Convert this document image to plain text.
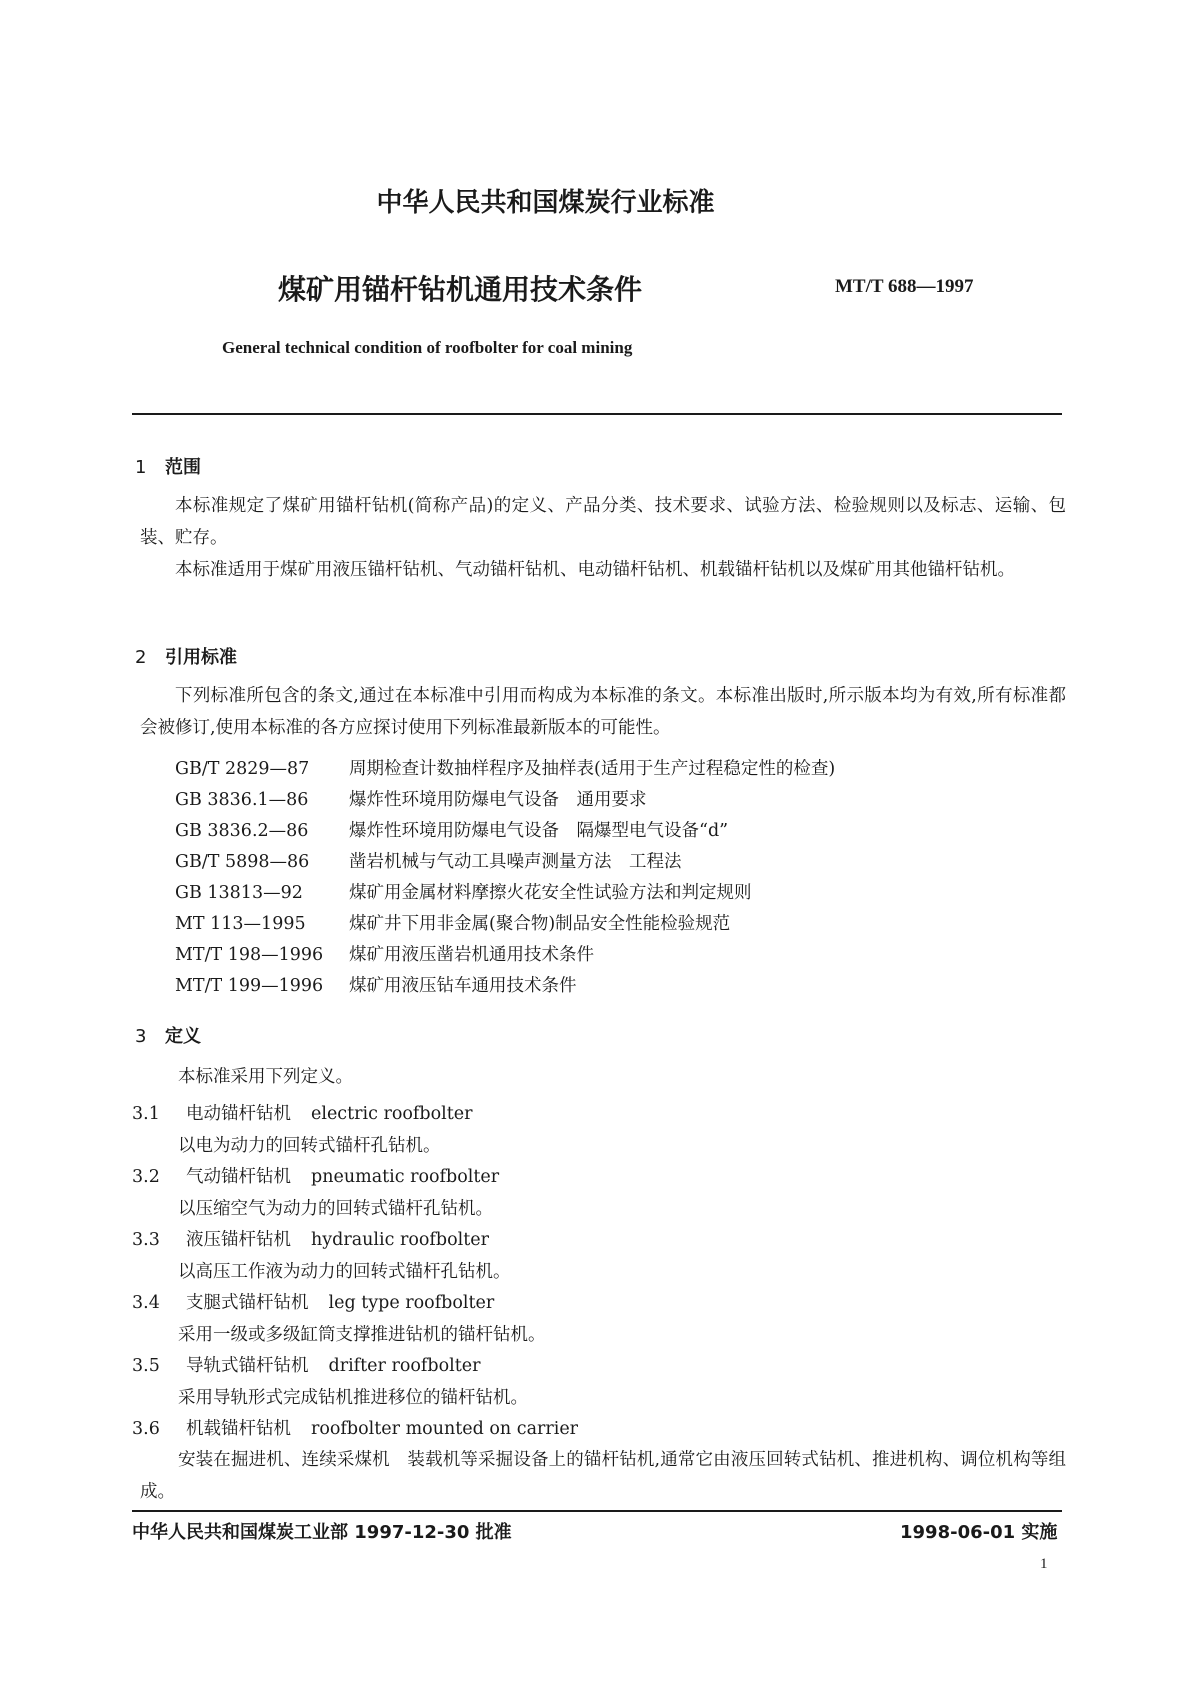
中华人民共和国煤炭行业标准
煤矿用锚杆钻机通用技术条件	MT/T 688—1997
General technical condition of roofbolter for coal mining
1 范围
本标准规定了煤矿用锚杆钻机(简称产品)的定义、产品分类、技术要求、试验方法、检验规则以及标志、运输、包装、贮存。
本标准适用于煤矿用液压锚杆钻机、气动锚杆钻机、电动锚杆钻机、机载锚杆钻机以及煤矿用其他锚杆钻机。
2 引用标准
下列标准所包含的条文,通过在本标准中引用而构成为本标准的条文。本标准出版时,所示版本均为有效,所有标准都会被修订,使用本标准的各方应探讨使用下列标准最新版本的可能性。
GB/T 2829—87 周期检查计数抽样程序及抽样表(适用于生产过程稳定性的检查)
GB 3836.1—86 爆炸性环境用防爆电气设备　通用要求
GB 3836.2—86 爆炸性环境用防爆电气设备　隔爆型电气设备“d”
GB/T 5898—86 凿岩机械与气动工具噪声测量方法　工程法
GB 13813—92	煤矿用金属材料摩擦火花安全性试验方法和判定规则
MT 113—1995 煤矿井下用非金属(聚合物)制品安全性能检验规范
MT/T 198—1996 煤矿用液压凿岩机通用技术条件
MT/T 199—1996 煤矿用液压钻车通用技术条件
3 定义
本标准采用下列定义。
3.1 电动锚杆钻机 electric roofbolter
以电为动力的回转式锚杆孔钻机。
3.2 气动锚杆钻机 pneumatic roofbolter
以压缩空气为动力的回转式锚杆孔钻机。
3.3 液压锚杆钻机 hydraulic roofbolter
以高压工作液为动力的回转式锚杆孔钻机。
3.4 支腿式锚杆钻机 leg type roofbolter
采用一级或多级缸筒支撑推进钻机的锚杆钻机。
3.5 导轨式锚杆钻机 drifter roofbolter
采用导轨形式完成钻机推进移位的锚杆钻机。
3.6 机载锚杆钻机 roofbolter mounted on carrier
安装在掘进机、连续采煤机　装载机等采掘设备上的锚杆钻机,通常它由液压回转式钻机、推进机构、调位机构等组成。
中华人民共和国煤炭工业部 1997-12-30 批准	1998-06-01 实施
1
